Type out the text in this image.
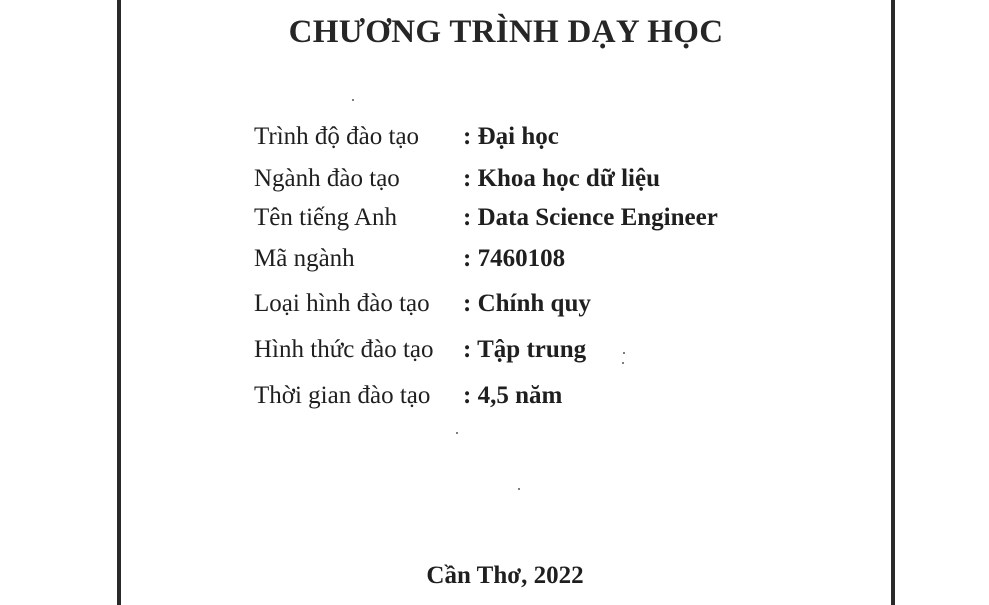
CHƯƠNG TRÌNH DẠY HỌC
Trình độ đào tạo : Đại học
Ngành đào tạo	: Khoa học dữ liệu
Tên tiếng Anh	: Data Science Engineer
Mã ngành	: 7460108
Loại hình đào tạo : Chính quy
Hình thức đào tạo : Tập trung
Thời gian đào tạo : 4,5 năm
Cần Thơ, 2022
